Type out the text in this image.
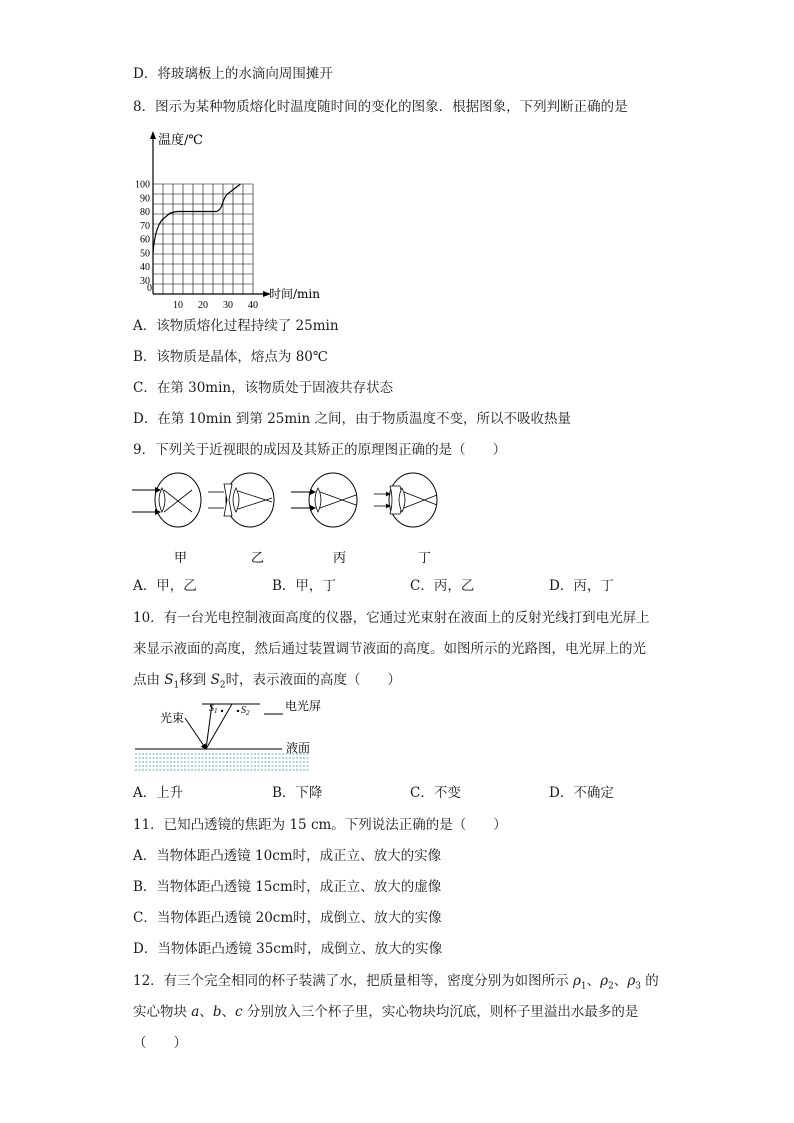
D．将玻璃板上的水滴向周围摊开
8．图示为某种物质熔化时温度随时间的变化的图象．根据图象，下列判断正确的是
30
40
50
60
70
80
90
100
10 20 30 40
0
温度/℃
时间/min
A．该物质熔化过程持续了 25min
B．该物质是晶体，熔点为 80℃
C．在第 30min，该物质处于固液共存状态
D．在第 10min 到第 25min 之间，由于物质温度不变，所以不吸收热量
9．下列关于近视眼的成因及其矫正的原理图正确的是（　　）
甲	乙	丙	丁
A．甲，乙	B．甲，丁	C．丙，乙	D．丙，丁
10．有一台光电控制液面高度的仪器，它通过光束射在液面上的反射光线打到电光屏上
来显示液面的高度，然后通过装置调节液面的高度。如图所示的光路图，电光屏上的光
点由 $S_1$移到 $S_2$时，表示液面的高度（　　）
光束
电光屏
$S_1$ $S_2$
液面
A．上升	B．下降	C．不变	D．不确定
11．已知凸透镜的焦距为 15 cm。下列说法正确的是（　　）
A．当物体距凸透镜 10cm时，成正立、放大的实像
B．当物体距凸透镜 15cm时，成正立、放大的虚像
C．当物体距凸透镜 20cm时，成倒立、放大的实像
D．当物体距凸透镜 35cm时，成倒立、放大的实像
12．有三个完全相同的杯子装满了水，把质量相等，密度分别为如图所示 $\rho_1$、$\rho_2$、$\rho_3$ 的
实心物块 a、b、c 分别放入三个杯子里，实心物块均沉底，则杯子里溢出水最多的是
（　　）
